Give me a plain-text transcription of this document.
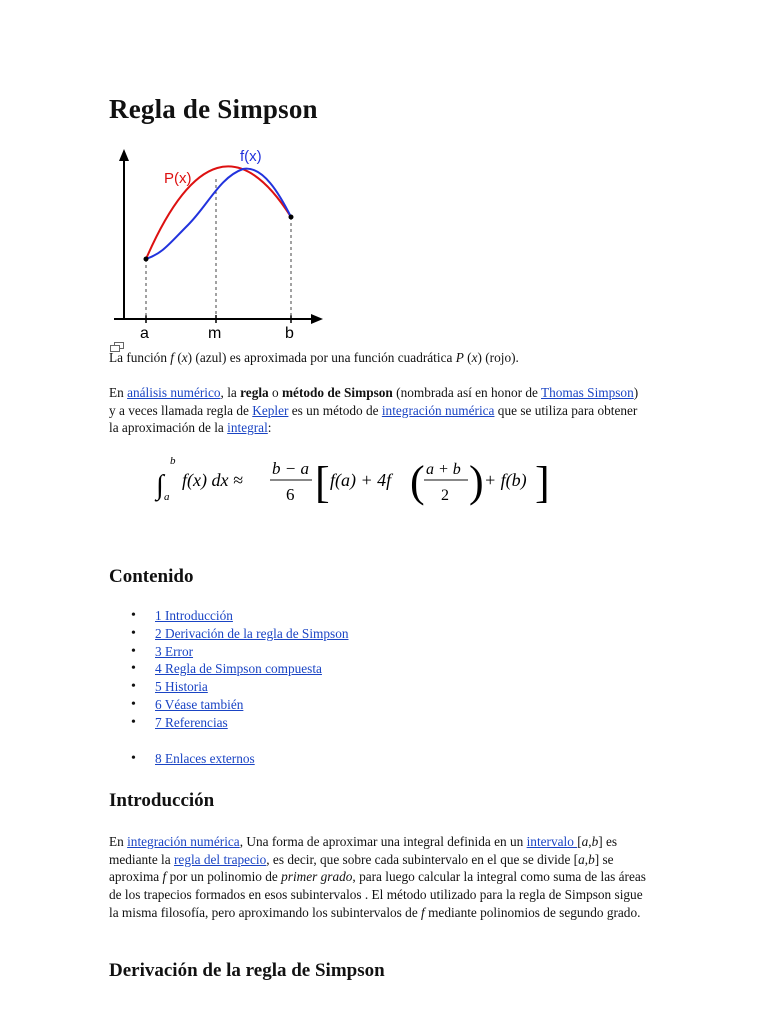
Regla de Simpson
f(x)
P(x)
a	m	b
La función f (x) (azul) es aproximada por una función cuadrática P (x) (rojo).
En análisis numérico, la regla o método de Simpson (nombrada así en honor de Thomas Simpson) y a veces llamada regla de Kepler es un método de integración numérica que se utiliza para obtener la aproximación de la integral:
∫
b
a
f(x) dx ≈
b − a
6 [ f(a) + 4f ( a + b
2 ) + f(b) ]
Contenido
• 1 Introducción
• 2 Derivación de la regla de Simpson
• 3 Error
• 4 Regla de Simpson compuesta
• 5 Historia
• 6 Véase también
• 7 Referencias
• 8 Enlaces externos
Introducción
En integración numérica, Una forma de aproximar una integral definida en un intervalo [a,b] es mediante la regla del trapecio, es decir, que sobre cada subintervalo en el que se divide [a,b] se aproxima f por un polinomio de primer grado, para luego calcular la integral como suma de las áreas de los trapecios formados en esos subintervalos . El método utilizado para la regla de Simpson sigue la misma filosofía, pero aproximando los subintervalos de f mediante polinomios de segundo grado.
Derivación de la regla de Simpson
